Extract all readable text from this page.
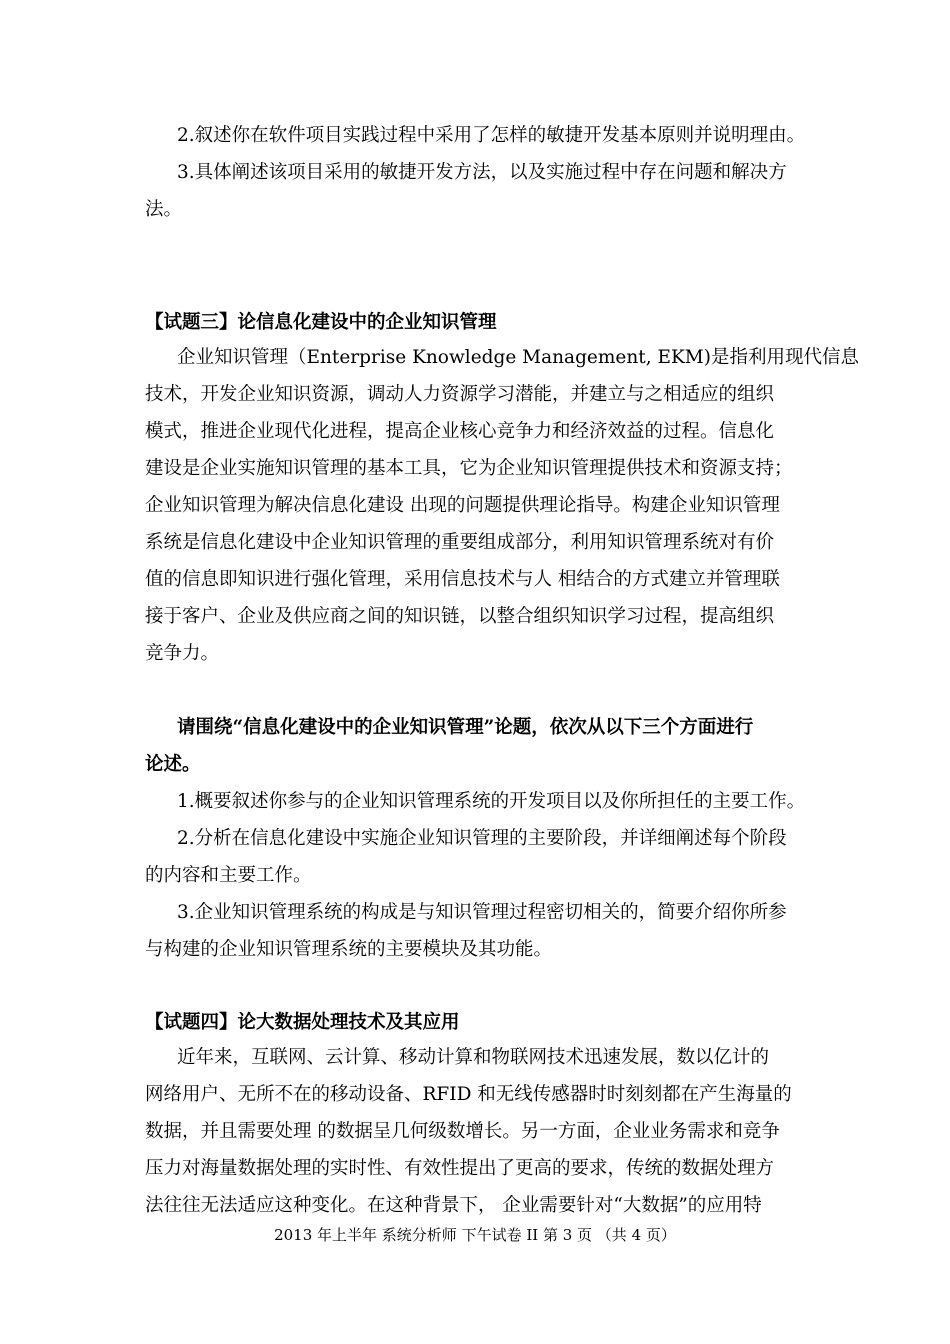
2.叙述你在软件项目实践过程中采用了怎样的敏捷开发基本原则并说明理由。
3.具体阐述该项目采用的敏捷开发方法，以及实施过程中存在问题和解决方
法。
【试题三】论信息化建设中的企业知识管理
企业知识管理（Enterprise Knowledge Management, EKM)是指利用现代信息
技术，开发企业知识资源，调动人力资源学习潜能，并建立与之相适应的组织
模式，推进企业现代化进程，提高企业核心竞争力和经济效益的过程。信息化
建设是企业实施知识管理的基本工具，它为企业知识管理提供技术和资源支持；
企业知识管理为解决信息化建设 出现的问题提供理论指导。构建企业知识管理
系统是信息化建设中企业知识管理的重要组成部分，利用知识管理系统对有价
值的信息即知识进行强化管理，采用信息技术与人 相结合的方式建立并管理联
接于客户、企业及供应商之间的知识链，以整合组织知识学习过程，提高组织
竞争力。
请围绕“信息化建设中的企业知识管理”论题，依次从以下三个方面进行
论述。
1.概要叙述你参与的企业知识管理系统的开发项目以及你所担任的主要工作。
2.分析在信息化建设中实施企业知识管理的主要阶段，并详细阐述每个阶段
的内容和主要工作。
3.企业知识管理系统的构成是与知识管理过程密切相关的，简要介绍你所参
与构建的企业知识管理系统的主要模块及其功能。
【试题四】论大数据处理技术及其应用
近年来，互联网、云计算、移动计算和物联网技术迅速发展，数以亿计的
网络用户、无所不在的移动设备、RFID 和无线传感器时时刻刻都在产生海量的
数据，并且需要处理 的数据呈几何级数增长。另一方面，企业业务需求和竞争
压力对海量数据处理的实时性、有效性提出了更高的要求，传统的数据处理方
法往往无法适应这种变化。在这种背景下， 企业需要针对“大数据”的应用特
2013 年上半年 系统分析师 下午试卷 II 第 3 页 （共 4 页）
